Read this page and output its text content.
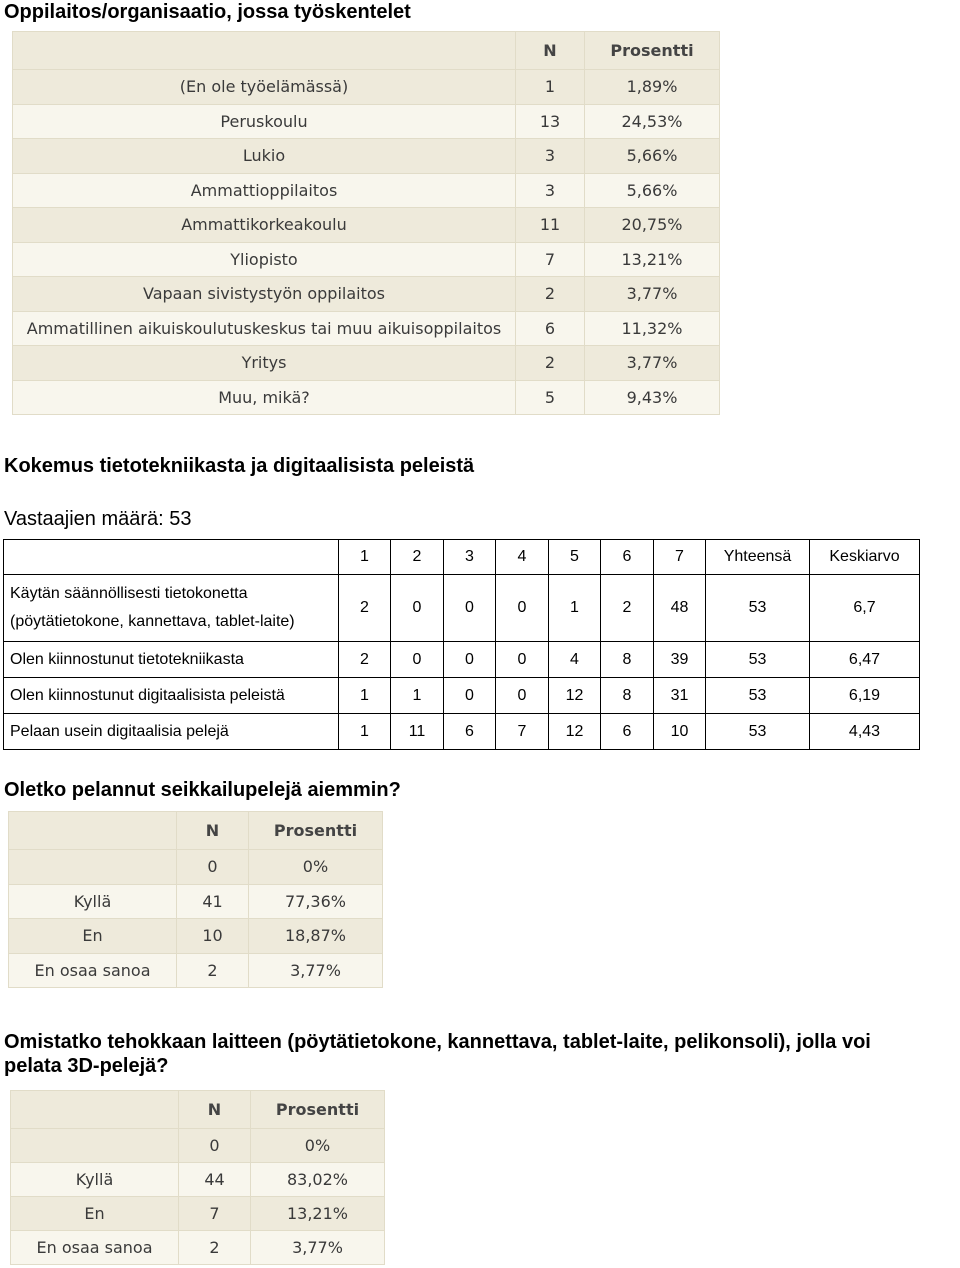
Oppilaitos/organisaatio, jossa työskentelet
	N	Prosentti
(En ole työelämässä)	1	1,89%
Peruskoulu	13	24,53%
Lukio	3	5,66%
Ammattioppilaitos	3	5,66%
Ammattikorkeakoulu	11	20,75%
Yliopisto	7	13,21%
Vapaan sivistystyön oppilaitos	2	3,77%
Ammatillinen aikuiskoulutuskeskus tai muu aikuisoppilaitos	6	11,32%
Yritys	2	3,77%
Muu, mikä?	5	9,43%
Kokemus tietotekniikasta ja digitaalisista peleistä
Vastaajien määrä: 53
	1	2	3	4	5	6	7	Yhteensä	Keskiarvo

Käytän säännöllisesti tietokonetta
(pöytätietokone, kannettava, tablet-laite)	2	0	0	0	1	2	48	53	6,7
Olen kiinnostunut tietotekniikasta	2	0	0	0	4	8	39	53	6,47
Olen kiinnostunut digitaalisista peleistä	1	1	0	0	12	8	31	53	6,19
Pelaan usein digitaalisia pelejä	1	11	6	7	12	6	10	53	4,43
Oletko pelannut seikkailupelejä aiemmin?
	N	Prosentti
	0	0%
Kyllä	41	77,36%
En	10	18,87%
En osaa sanoa	2	3,77%
Omistatko tehokkaan laitteen (pöytätietokone, kannettava, tablet-laite, pelikonsoli), jolla voi
pelata 3D-pelejä?
	N	Prosentti
	0	0%
Kyllä	44	83,02%
En	7	13,21%
En osaa sanoa	2	3,77%
